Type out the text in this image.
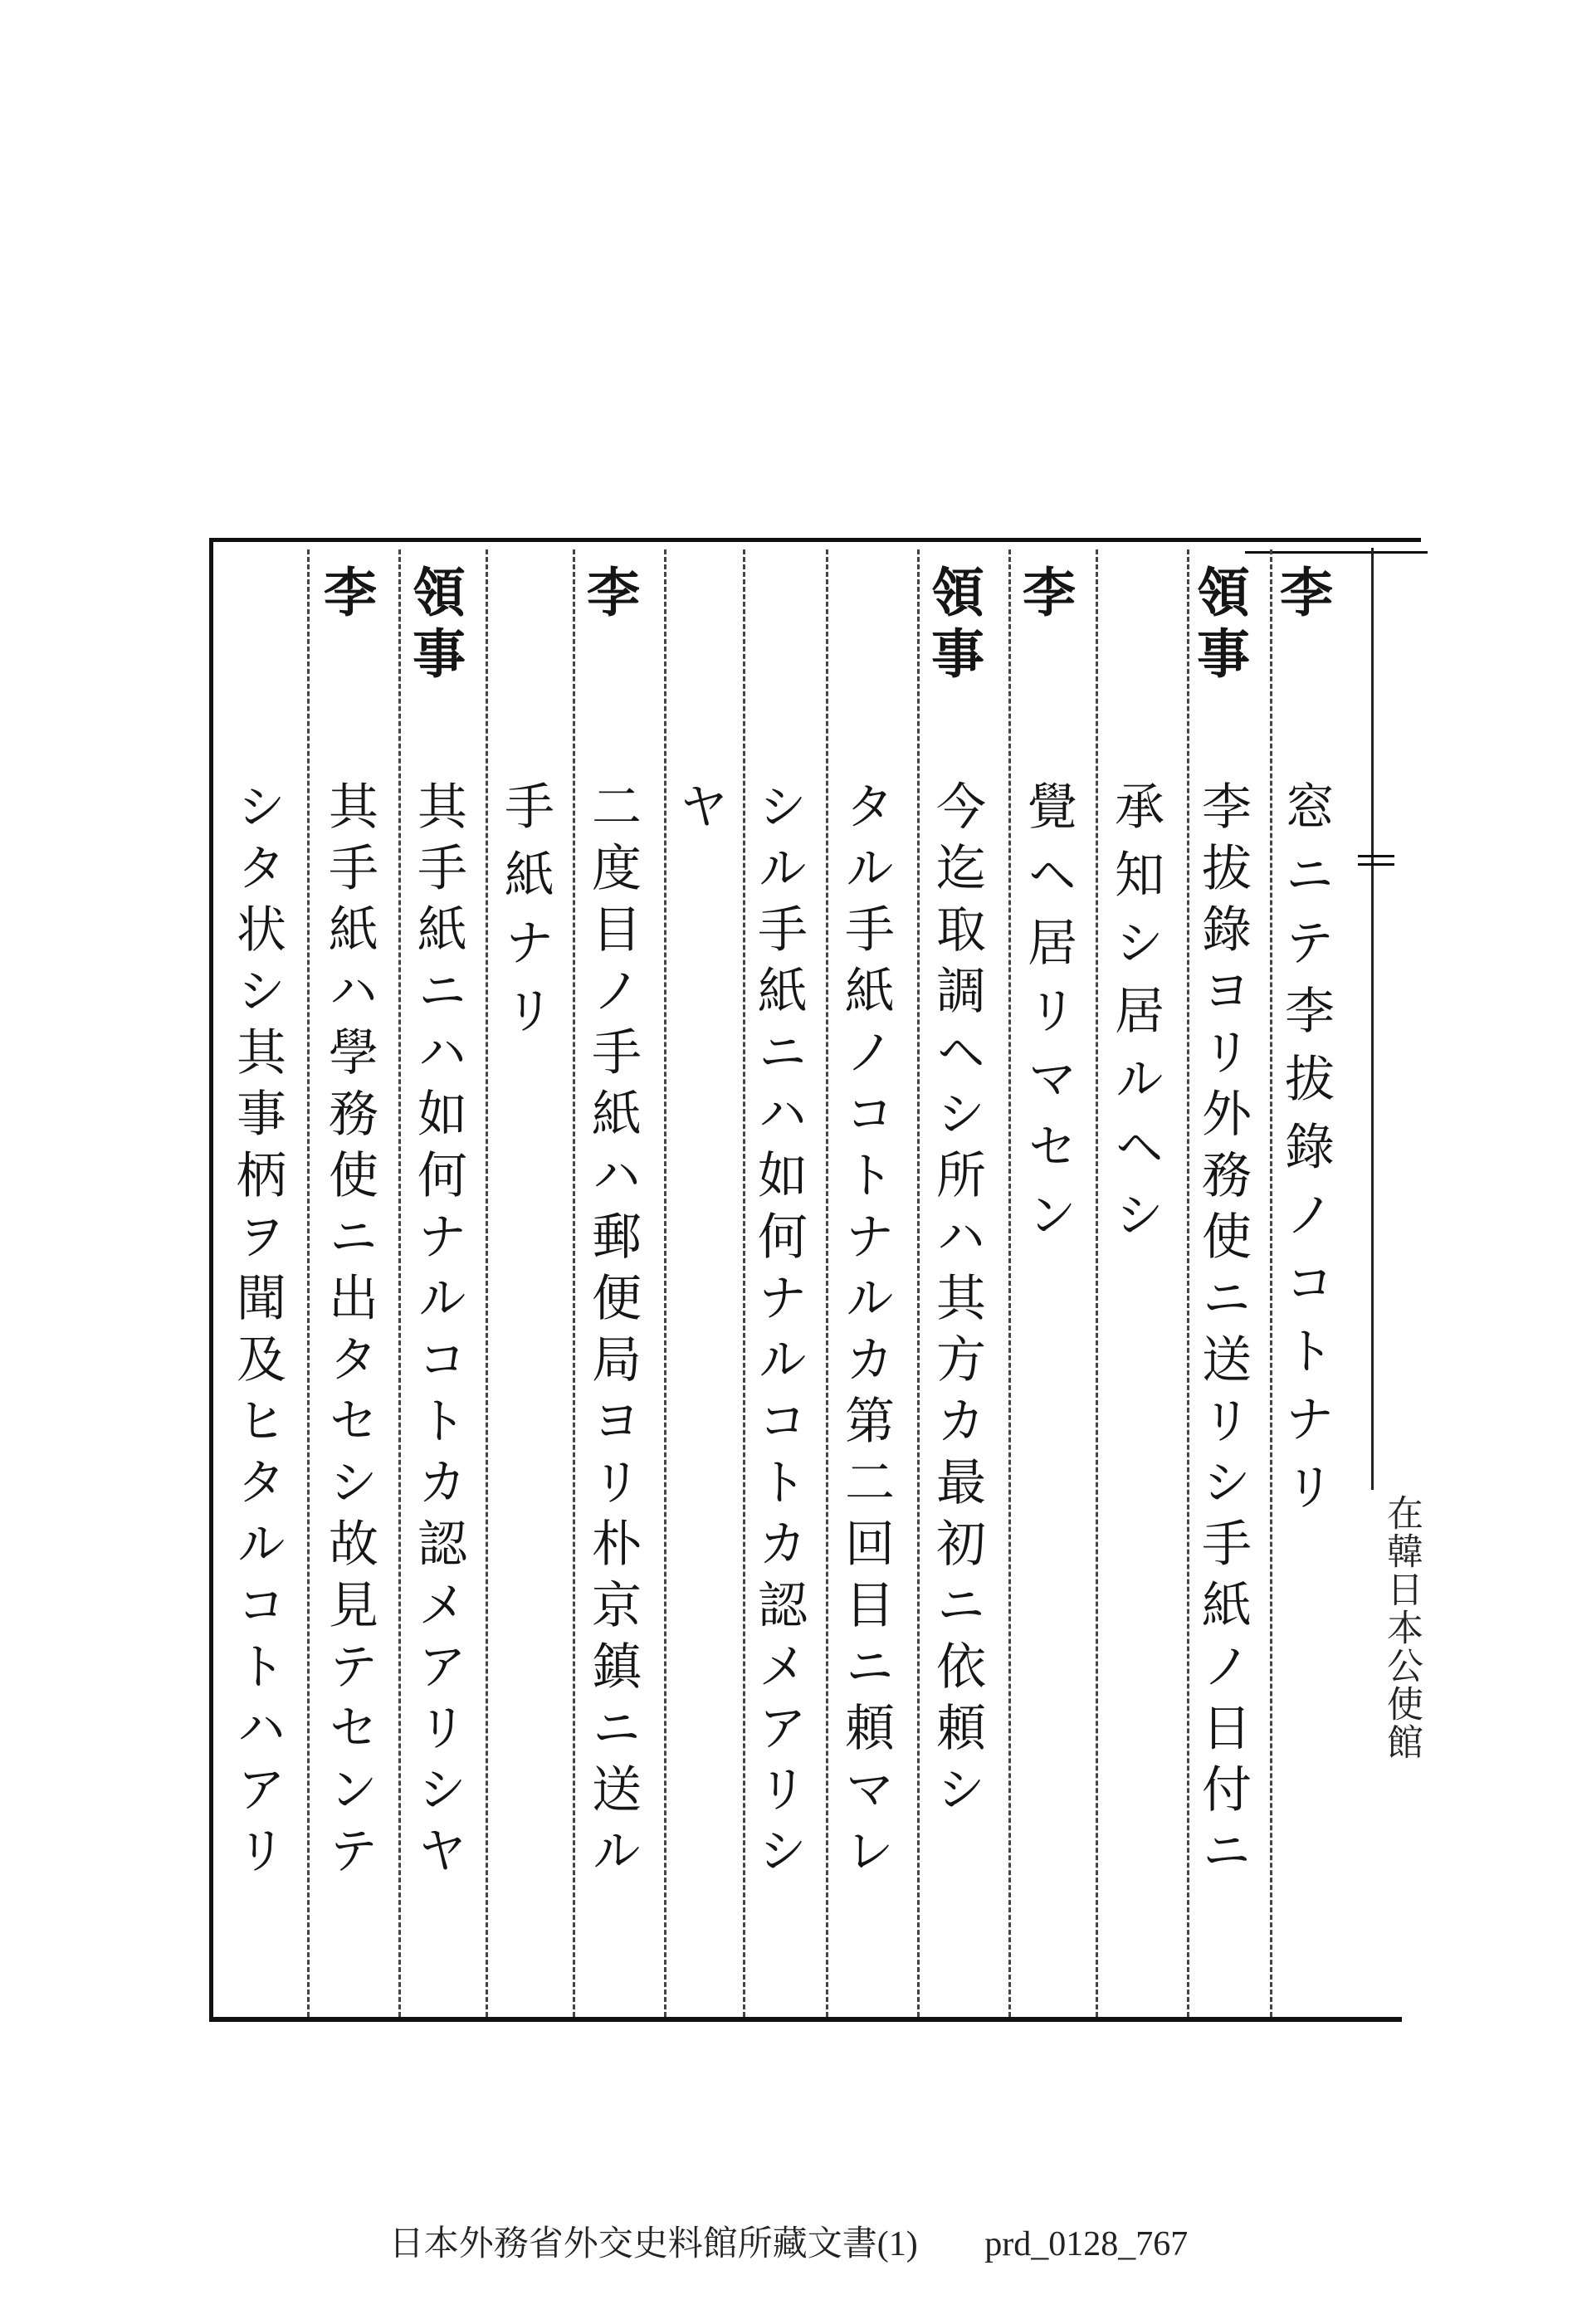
李
窓ニテ李拔錄ノコトナリ
領事
李拔錄ヨリ外務使ニ送リシ手紙ノ日付ニ
承知シ居ルヘシ
李
覺ヘ居リマセン
領事
今迄取調ヘシ所ハ其方カ最初ニ依頼シ
タル手紙ノコトナルカ第二回目ニ頼マレ
シル手紙ニハ如何ナルコトカ認メアリシ
ヤ
李
二度目ノ手紙ハ郵便局ヨリ朴京鎮ニ送ル
手紙ナリ
領事
其手紙ニハ如何ナルコトカ認メアリシヤ
李
其手紙ハ學務使ニ出タセシ故見テセンテ
シタ状シ其事柄ヲ聞及ヒタルコトハアリ	在韓日本公使館
日本外務省外交史料館所藏文書(1) prd_0128_767
